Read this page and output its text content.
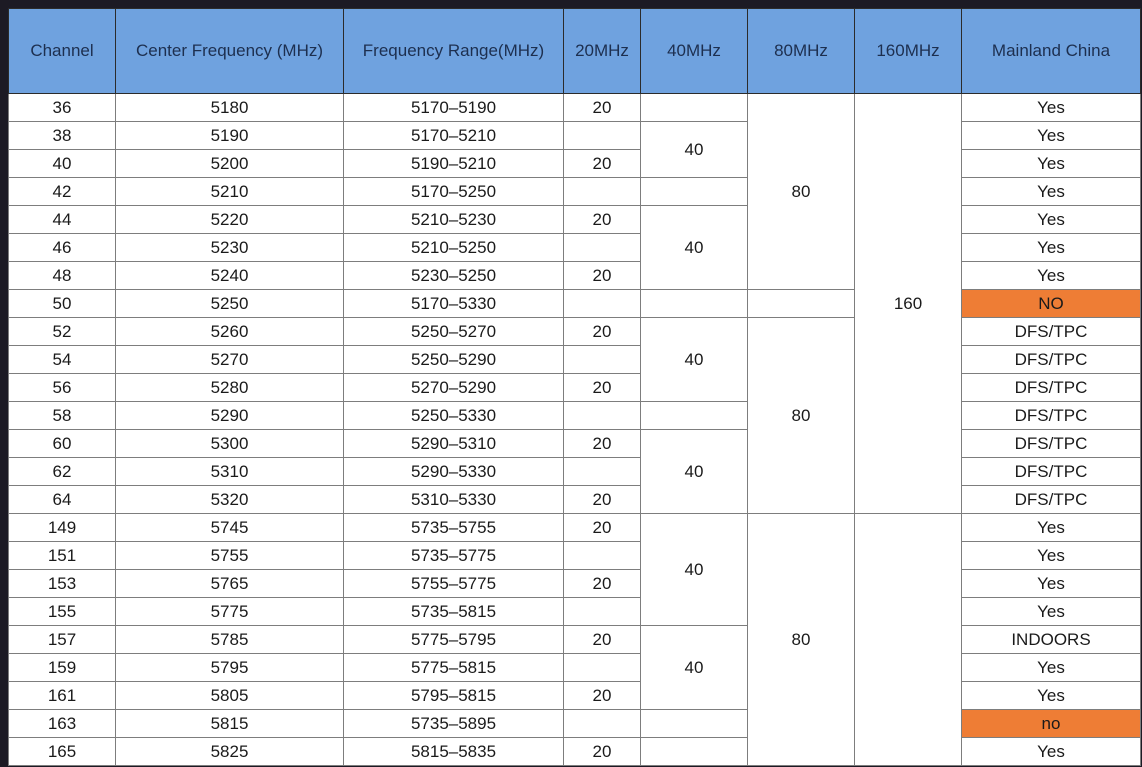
Channel	Center Frequency (MHz)	Frequency Range(MHz)	20MHz	40MHz	80MHz	160MHz	Mainland China
36	5180	5170–5190	20		80	160	Yes
38	5190	5170–5210		40			Yes
40	5200	5190–5210	20				Yes
42	5210	5170–5250					Yes
44	5220	5210–5230	20	40			Yes
46	5230	5210–5250					Yes
48	5240	5230–5250	20				Yes
50	5250	5170–5330					NO
52	5260	5250–5270	20	40	80		DFS/TPC
54	5270	5250–5290					DFS/TPC
56	5280	5270–5290	20				DFS/TPC
58	5290	5250–5330					DFS/TPC
60	5300	5290–5310	20	40			DFS/TPC
62	5310	5290–5330					DFS/TPC
64	5320	5310–5330	20				DFS/TPC
149	5745	5735–5755	20	40	80		Yes
151	5755	5735–5775					Yes
153	5765	5755–5775	20				Yes
155	5775	5735–5815					Yes
157	5785	5775–5795	20	40			INDOORS
159	5795	5775–5815					Yes
161	5805	5795–5815	20				Yes
163	5815	5735–5895					no
165	5825	5815–5835	20				Yes
